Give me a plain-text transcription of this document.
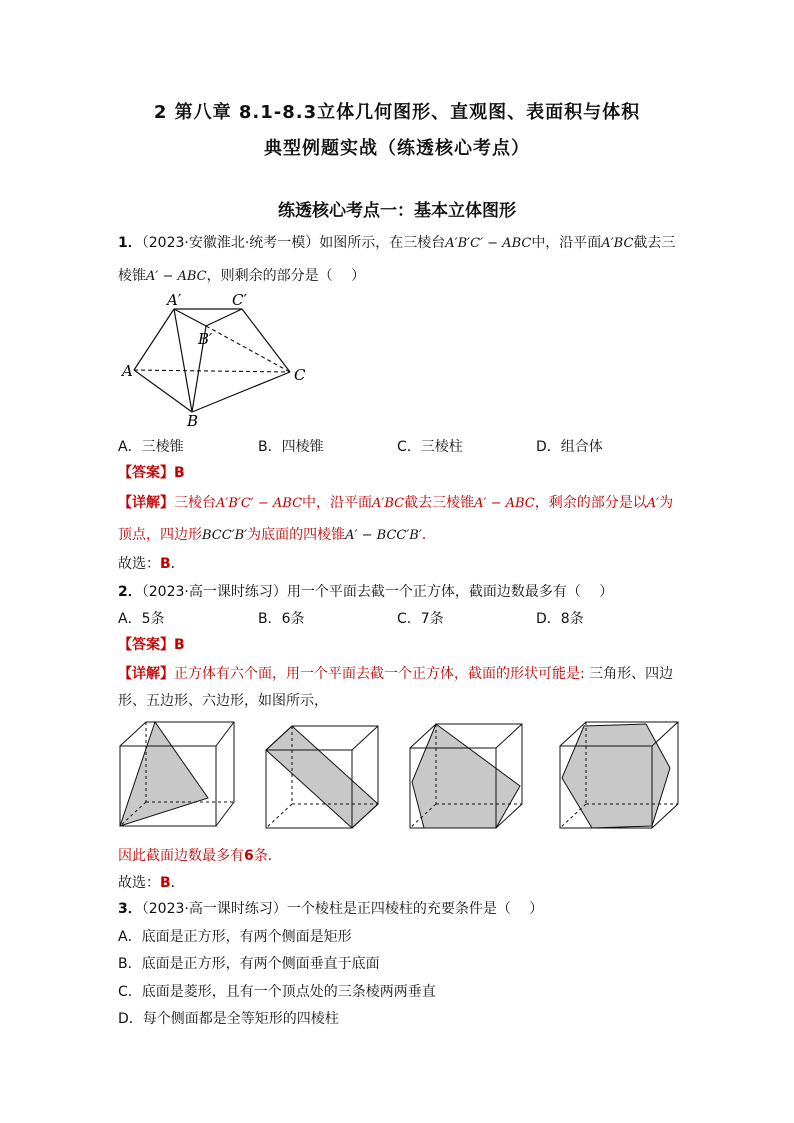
2 第八章 8.1-8.3立体几何图形、直观图、表面积与体积
典型例题实战（练透核心考点）
练透核心考点一：基本立体图形
1．（2023·安徽淮北·统考一模）如图所示，在三棱台A′B′C′ − ABC中，沿平面A′BC截去三
棱锥A′ − ABC，则剩余的部分是（　 ）
A′	C′
B′
A	C
B
A．三棱锥	B．四棱锥	C．三棱柱	D．组合体
【答案】B
【详解】三棱台A′B′C′ − ABC中，沿平面A′BC截去三棱锥A′ − ABC，剩余的部分是以A′为
顶点，四边形BCC′B′为底面的四棱锥A′ − BCC′B′．
故选：B．
2．（2023·高一课时练习）用一个平面去截一个正方体，截面边数最多有（　 ）
A．5条	B．6条	C．7条	D．8条
【答案】B
【详解】正方体有六个面，用一个平面去截一个正方体，截面的形状可能是: 三角形、四边
形、五边形、六边形，如图所示，
因此截面边数最多有6条．
故选：B．
3．（2023·高一课时练习）一个棱柱是正四棱柱的充要条件是（　 ）
A．底面是正方形，有两个侧面是矩形
B．底面是正方形，有两个侧面垂直于底面
C．底面是菱形，且有一个顶点处的三条棱两两垂直
D．每个侧面都是全等矩形的四棱柱
